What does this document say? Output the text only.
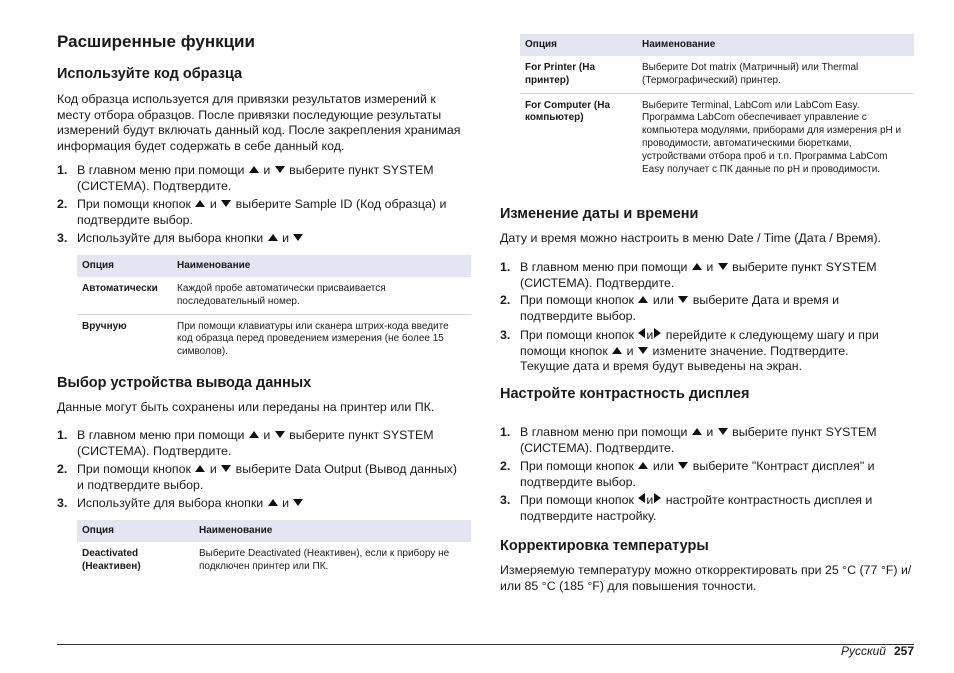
Расширенные функции
Используйте код образца

Код образца используется для привязки результатов измерений к месту отбора образцов. После привязки последующие результаты измерений будут включать данный код. После закрепления хранимая информация будет содержать в себе данный код.

1. В главном меню при помощи и выберите пункт SYSTEM
(СИСТЕМА). Подтвердите.
2. При помощи кнопок и выберите Sample ID (Код образца) и
подтвердите выбор.
3. Используйте для выбора кнопки и
Опция	Наименование
Автоматически	Каждой пробе автоматически присваивается последовательный номер.
Вручную	При помощи клавиатуры или сканера штрих-кода введите код образца перед проведением измерения (не более 15 символов).
Выбор устройства вывода данных

Данные могут быть сохранены или переданы на принтер или ПК.

1. В главном меню при помощи и выберите пункт SYSTEM
(СИСТЕМА). Подтвердите.
2. При помощи кнопок и выберите Data Output (Вывод данных)
и подтвердите выбор.
3. Используйте для выбора кнопки и
Опция	Наименование
Deactivated (Неактивен)	Выберите Deactivated (Неактивен), если к прибору не подключен принтер или ПК.
Опция	Наименование
For Printer (На принтер)	Выберите Dot matrix (Матричный) или Thermal (Термографический) принтер.
For Computer (На компьютер)	Выберите Terminal, LabCom или LabCom Easy. Программа LabCom обеспечивает управление с компьютера модулями, приборами для измерения pH и проводимости, автоматическими бюретками, устройствами отбора проб и т.п. Программа LabCom Easy получает с ПК данные по pH и проводимости.
Изменение даты и времени

Дату и время можно настроить в меню Date / Time (Дата / Время).

1. В главном меню при помощи и выберите пункт SYSTEM
(СИСТЕМА). Подтвердите.
2. При помощи кнопок или выберите Дата и время и
подтвердите выбор.
3. При помощи кнопок и перейдите к следующему шагу и при
помощи кнопок и измените значение. Подтвердите.
Текущие дата и время будут выведены на экран.
Настройте контрастность дисплея
1. В главном меню при помощи и выберите пункт SYSTEM
(СИСТЕМА). Подтвердите.
2. При помощи кнопок или выберите "Контраст дисплея" и
подтвердите выбор.
3. При помощи кнопок и настройте контрастность дисплея и
подтвердите настройку.
Корректировка температуры

Измеряемую температуру можно откорректировать при 25 °C (77 °F) и/или 85 °C (185 °F) для повышения точности.

Русский 257
